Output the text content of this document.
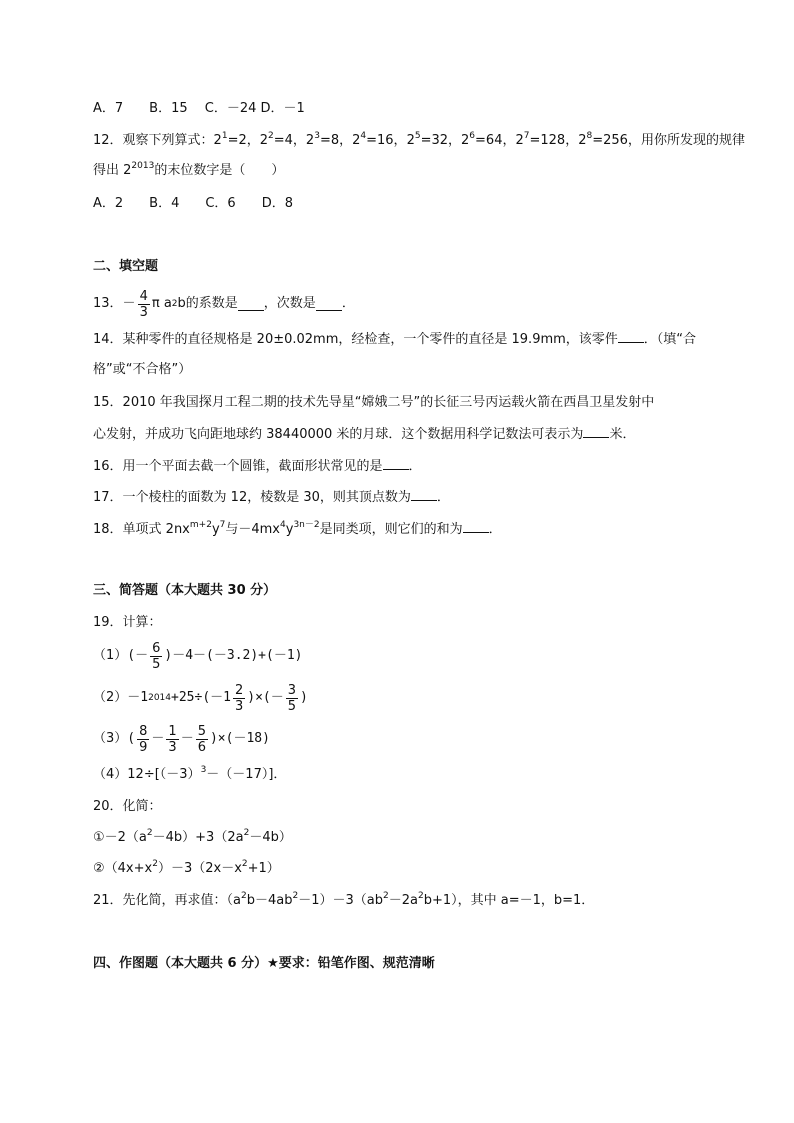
A．7　　B．15　 C．－24 D．－1
12．观察下列算式：$2^1=2$，$2^2=4$，$2^3=8$，$2^4=16$，$2^5=32$，$2^6=64$，$2^7=128$，$2^8=256$，用你所发现的规律
得出 $2^{2013}$的末位数字是（　　）
A．2　　B．4　　C．6　　D．8
二、填空题
13． － 4
3
π
a 2 b 的系数是 ，次数是 ．
14．某种零件的直径规格是 20±0.02mm，经检查，一个零件的直径是 19.9mm，该零件 ．（填“合
格”或“不合格”）
15．2010 年我国探月工程二期的技术先导星“嫦娥二号”的长征三号丙运载火箭在西昌卫星发射中
心发射，并成功飞向距地球约 38440000 米的月球．这个数据用科学记数法可表示为 米．
16．用一个平面去截一个圆锥，截面形状常见的是 ．
17．一个棱柱的面数为 12，棱数是 30，则其顶点数为 ．
18．单项式 $2nx^{m+2}y^7$与$-4mx^4y^{3n-2}$是同类项，则它们的和为 ．
三、简答题（本大题共 30 分）
19．计算：
（1） (－ 6
5
)－4－(－3.2)+(－1)
（2） －1 2014 +25÷(－1 2
3
)×(－ 3
5
)
（3） ( 8
9
－ 1
3
－ 5
6
)×(－18)
$(4)12\div[(-3)^3-(-17)]$．
20．化简：
$①-2(a^2-4b)+3(2a^2-4b)$
$②(4x+x^2)-3(2x-x^2+1)$
21．先化简，再求值：$(a^2b-4ab^2-1)-3(ab^2-2a^2b+1)$，其中 a=－1，b=1．
四、作图题（本大题共 6 分）★要求：铅笔作图、规范清晰
